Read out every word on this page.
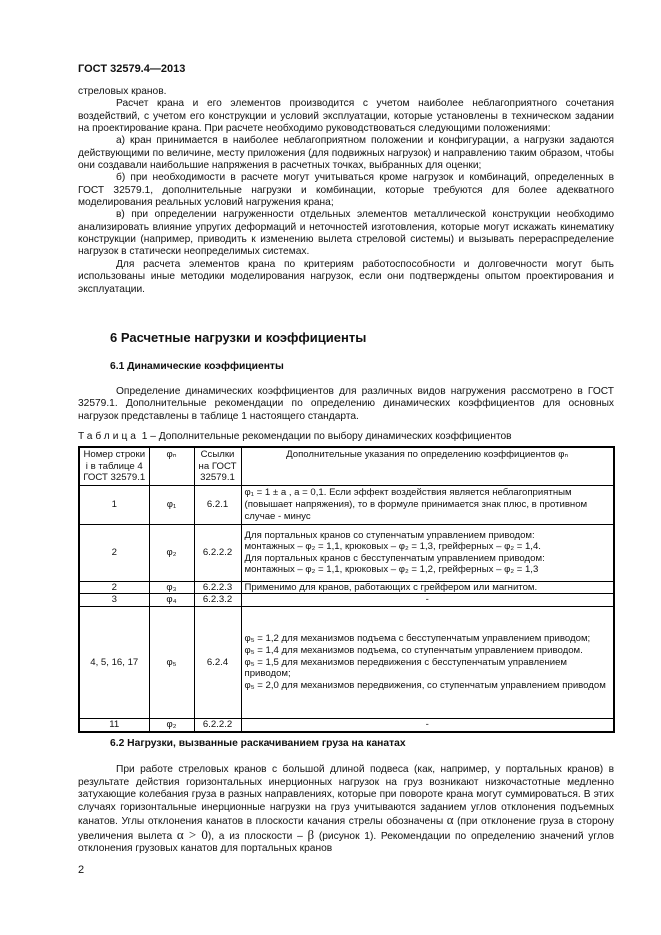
ГОСТ 32579.4—2013

стреловых кранов.

Расчет крана и его элементов производится с учетом наиболее неблагоприятного сочетания воздействий, с учетом его конструкции и условий эксплуатации, которые установлены в техническом задании на проектирование крана. При расчете необходимо руководствоваться следующими положениями:

а) кран принимается в наиболее неблагоприятном положении и конфигурации, а нагрузки задаются действующими по величине, месту приложения (для подвижных нагрузок) и направлению таким образом, чтобы они создавали наибольшие напряжения в расчетных точках, выбранных для оценки;

б) при необходимости в расчете могут учитываться кроме нагрузок и комбинаций, определенных в ГОСТ 32579.1, дополнительные нагрузки и комбинации, которые требуются для более адекватного моделирования реальных условий нагружения крана;

в) при определении нагруженности отдельных элементов металлической конструкции необходимо анализировать влияние упругих деформаций и неточностей изготовления, которые могут искажать кинематику конструкции (например, приводить к изменению вылета стреловой системы) и вызывать перераспределение нагрузок в статически неопределимых системах.

Для расчета элементов крана по критериям работоспособности и долговечности могут быть использованы иные методики моделирования нагрузок, если они подтверждены опытом проектирования и эксплуатации.

6 Расчетные нагрузки и коэффициенты
6.1 Динамические коэффициенты

Определение динамических коэффициентов для различных видов нагружения рассмотрено в ГОСТ 32579.1. Дополнительные рекомендации по определению динамических коэффициентов для основных нагрузок представлены в таблице 1 настоящего стандарта.

Таблица 1 – Дополнительные рекомендации по выбору динамических коэффициентов
Номер строки i в таблице 4 ГОСТ 32579.1	φₙ	Ссылки на ГОСТ 32579.1	Дополнительные указания по определению коэффициентов φₙ
1	φ₁	6.2.1	φ₁ = 1 ± a , a = 0,1. Если эффект воздействия является неблагоприятным (повышает напряжения), то в формуле принимается знак плюс, в противном случае - минус

2	φ₂	6.2.2.2	Для портальных кранов со ступенчатым управлением приводом:
монтажных – φ₂ = 1,1, крюковых – φ₂ = 1,3, грейферных – φ₂ = 1,4.
Для портальных кранов с бесступенчатым управлением приводом:
монтажных – φ₂ = 1,1, крюковых – φ₂ = 1,2, грейферных – φ₂ = 1,3

2	φ₃	6.2.2.3	Применимо для кранов, работающих с грейфером или магнитом.

3	φ₄	6.2.3.2	-

4, 5, 16, 17	φ₅	6.2.4	φ₅ = 1,2 для механизмов подъема с бесступенчатым управлением приводом;
φ₅ = 1,4 для механизмов подъема, со ступенчатым управлением приводом.
φ₅ = 1,5 для механизмов передвижения с бесступенчатым управлением приводом;
φ₅ = 2,0 для механизмов передвижения, со ступенчатым управлением приводом

11	φ₂	6.2.2.2	-
6.2 Нагрузки, вызванные раскачиванием груза на канатах

При работе стреловых кранов с большой длиной подвеса (как, например, у портальных кранов) в результате действия горизонтальных инерционных нагрузок на груз возникают низкочастотные медленно затухающие колебания груза в разных направлениях, которые при повороте крана могут суммироваться. В этих случаях горизонтальные инерционные нагрузки на груз учитываются заданием углов отклонения подъемных канатов. Углы отклонения канатов в плоскости качания стрелы обозначены α (при отклонение груза в сторону увеличения вылета α > 0), а из плоскости – β (рисунок 1). Рекомендации по определению значений углов отклонения грузовых канатов для портальных кранов

2
